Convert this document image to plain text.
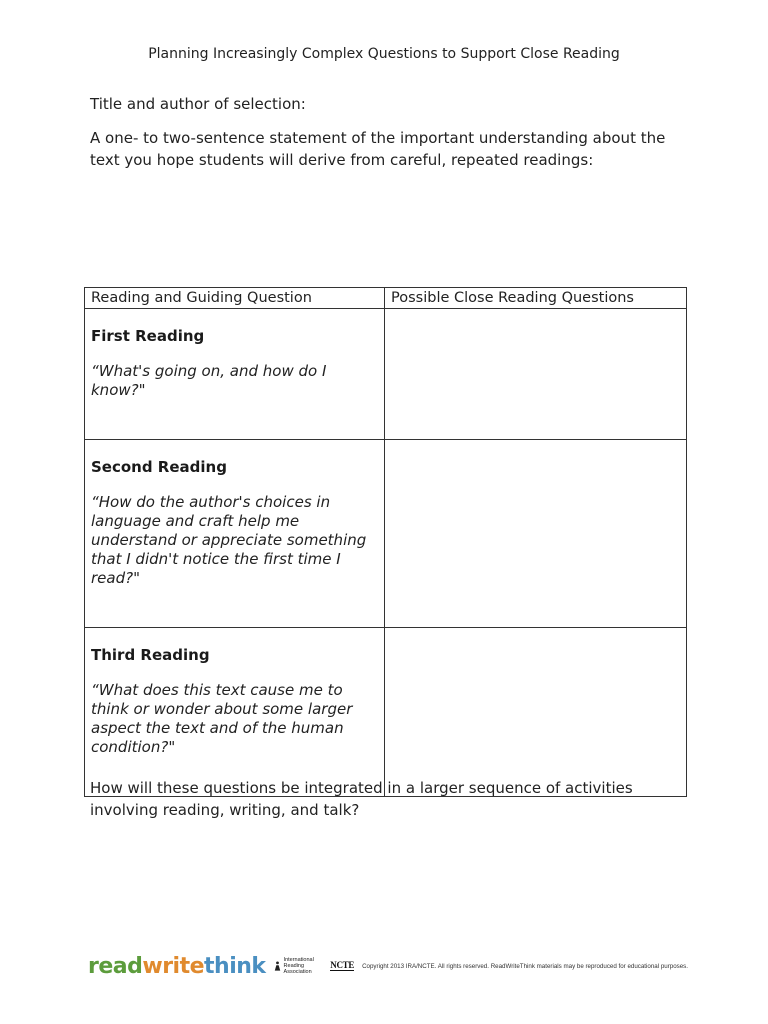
Planning Increasingly Complex Questions to Support Close Reading
Title and author of selection:
A one- to two-sentence statement of the important understanding about the text you hope students will derive from careful, repeated readings:
Reading and Guiding Question	Possible Close Reading Questions

First Reading
“What's going on, and how do I know?"	

Second Reading
“How do the author's choices in language and craft help me understand or appreciate something that I didn't notice the first time I read?"	

Third Reading
“What does this text cause me to think or wonder about some larger aspect the text and of the human condition?"	

How will these questions be integrated in a larger sequence of activities involving reading, writing, and talk?
read write think	International
Reading Association
NCTE Copyright 2013 IRA/NCTE. All rights reserved. ReadWriteThink materials may be reproduced for educational purposes.
